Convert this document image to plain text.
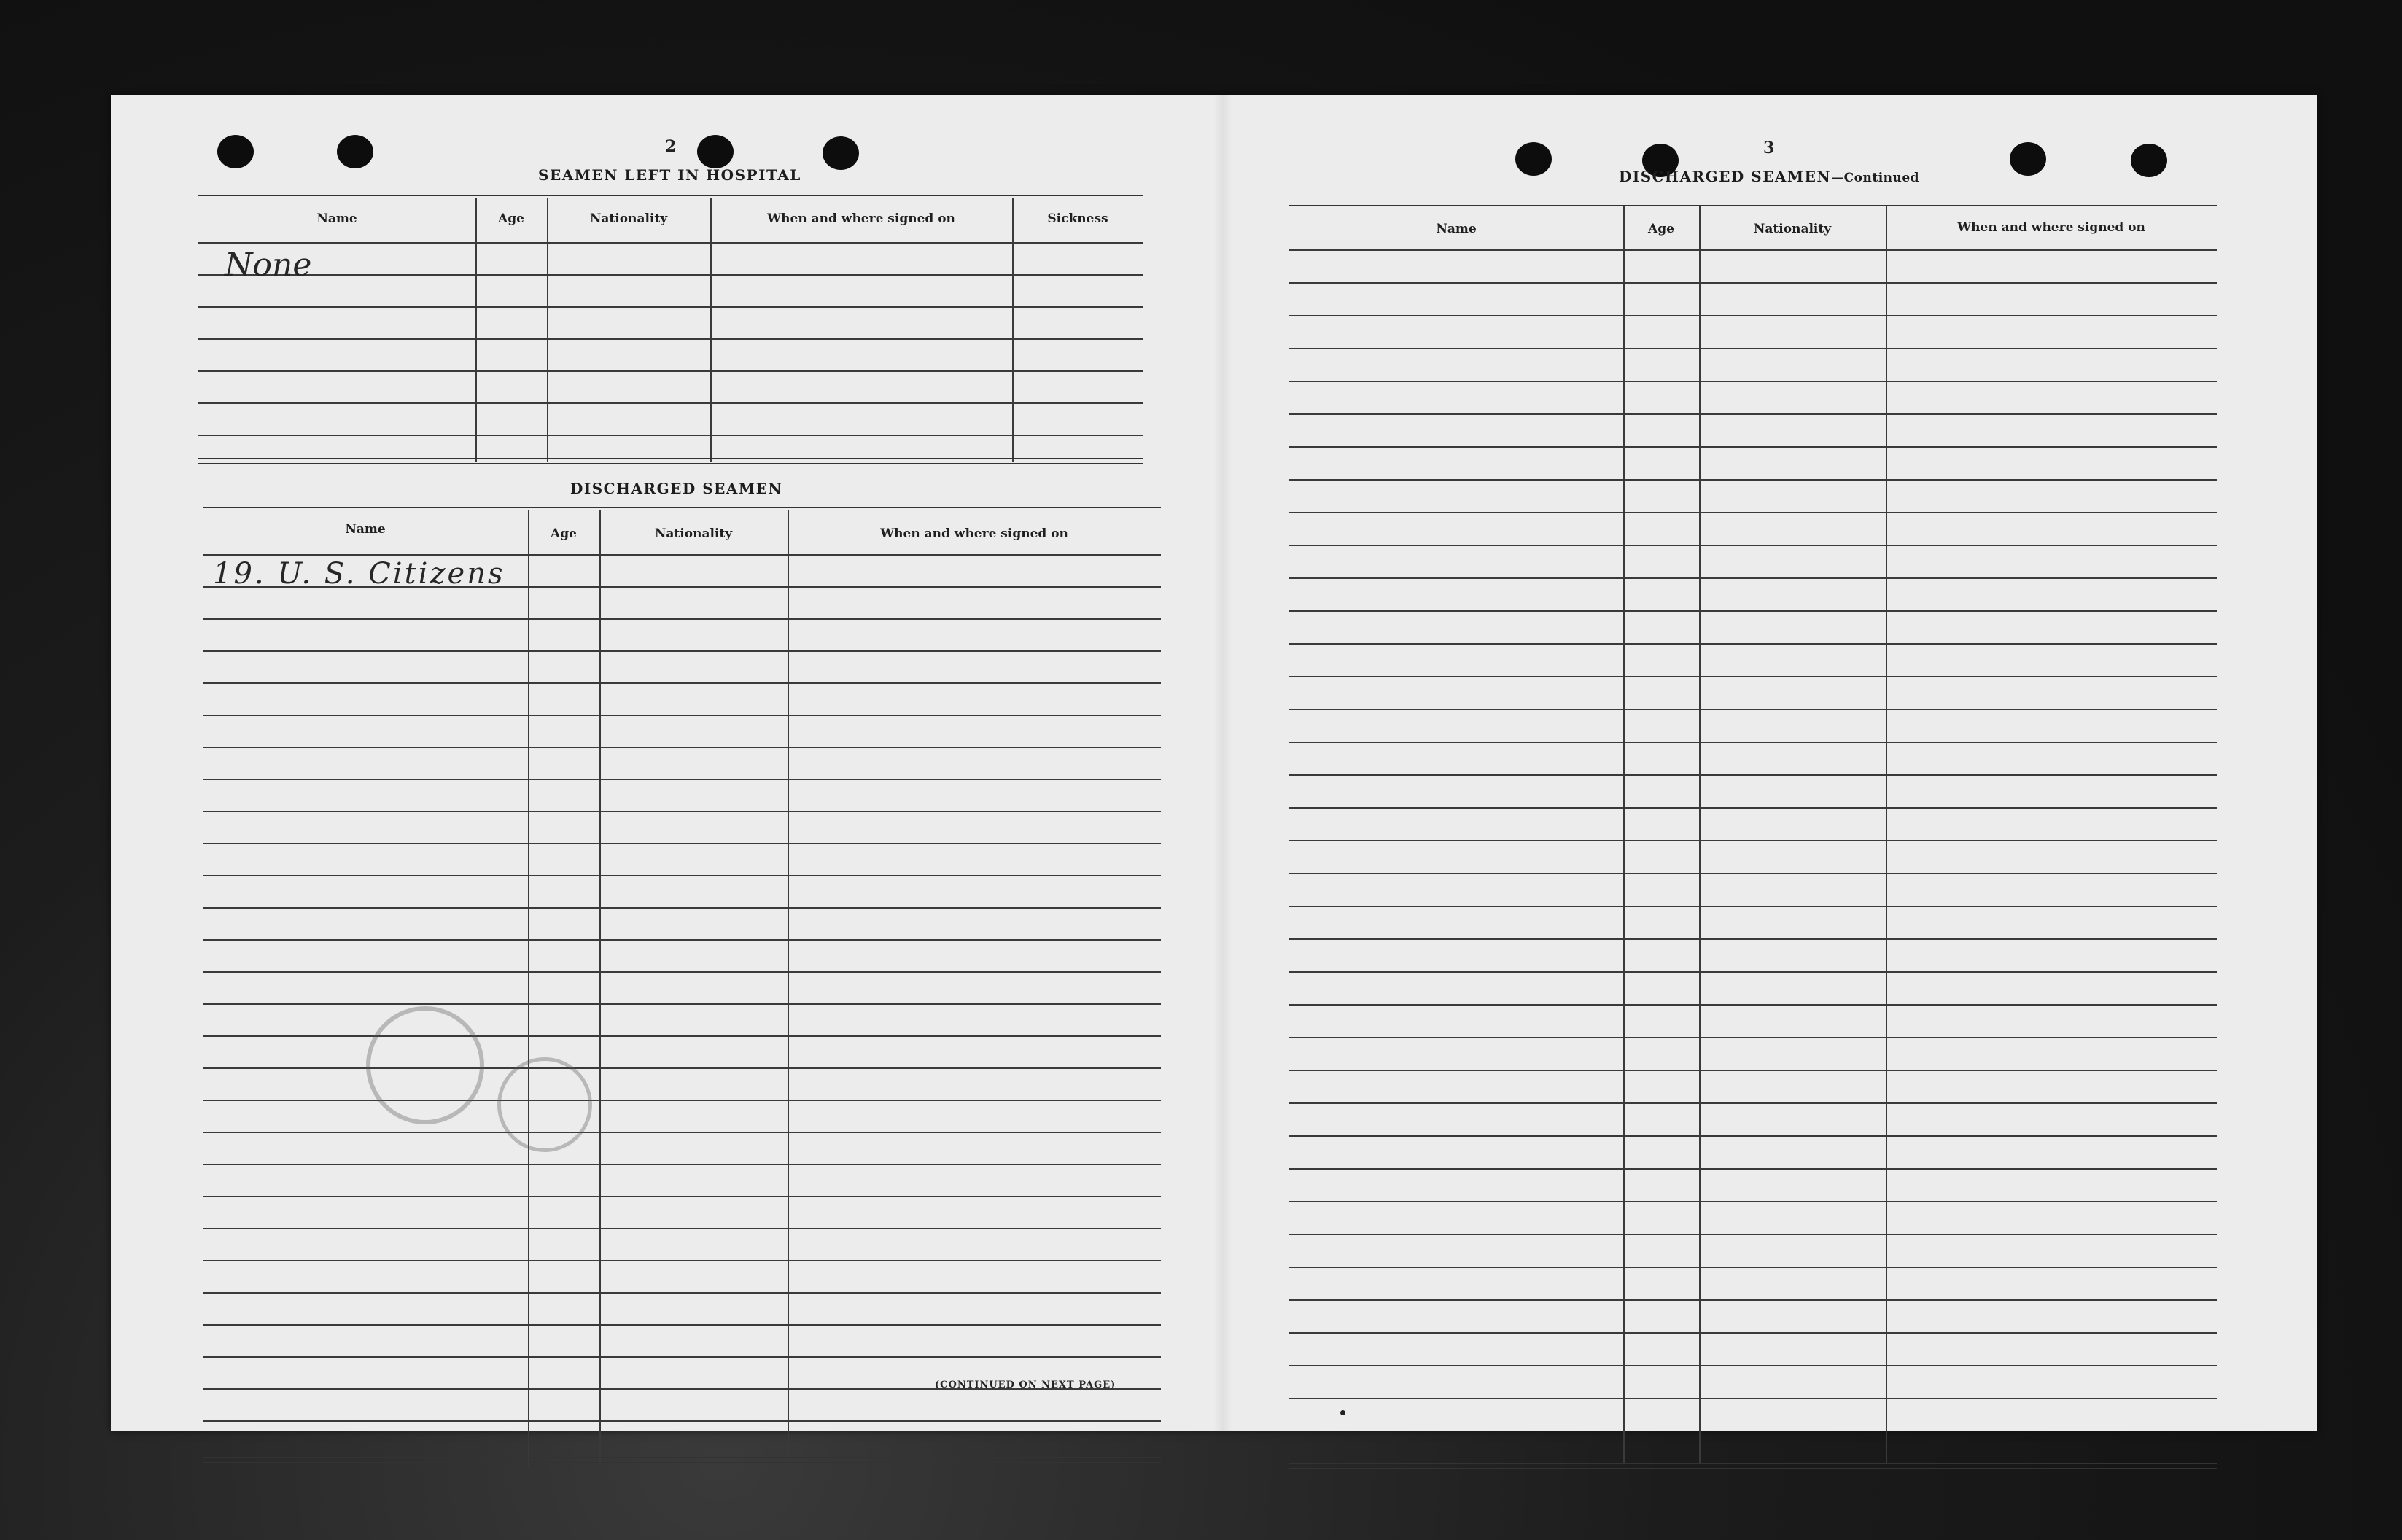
2
SEAMEN LEFT IN HOSPITAL
Name	Age	Nationality	When and where signed on	Sickness
None
DISCHARGED SEAMEN
Name	Age	Nationality	When and where signed on
19. U. S. Citizens
(CONTINUED ON NEXT PAGE)
3
DISCHARGED SEAMEN—Continued
Name	Age	Nationality	When and where signed on
